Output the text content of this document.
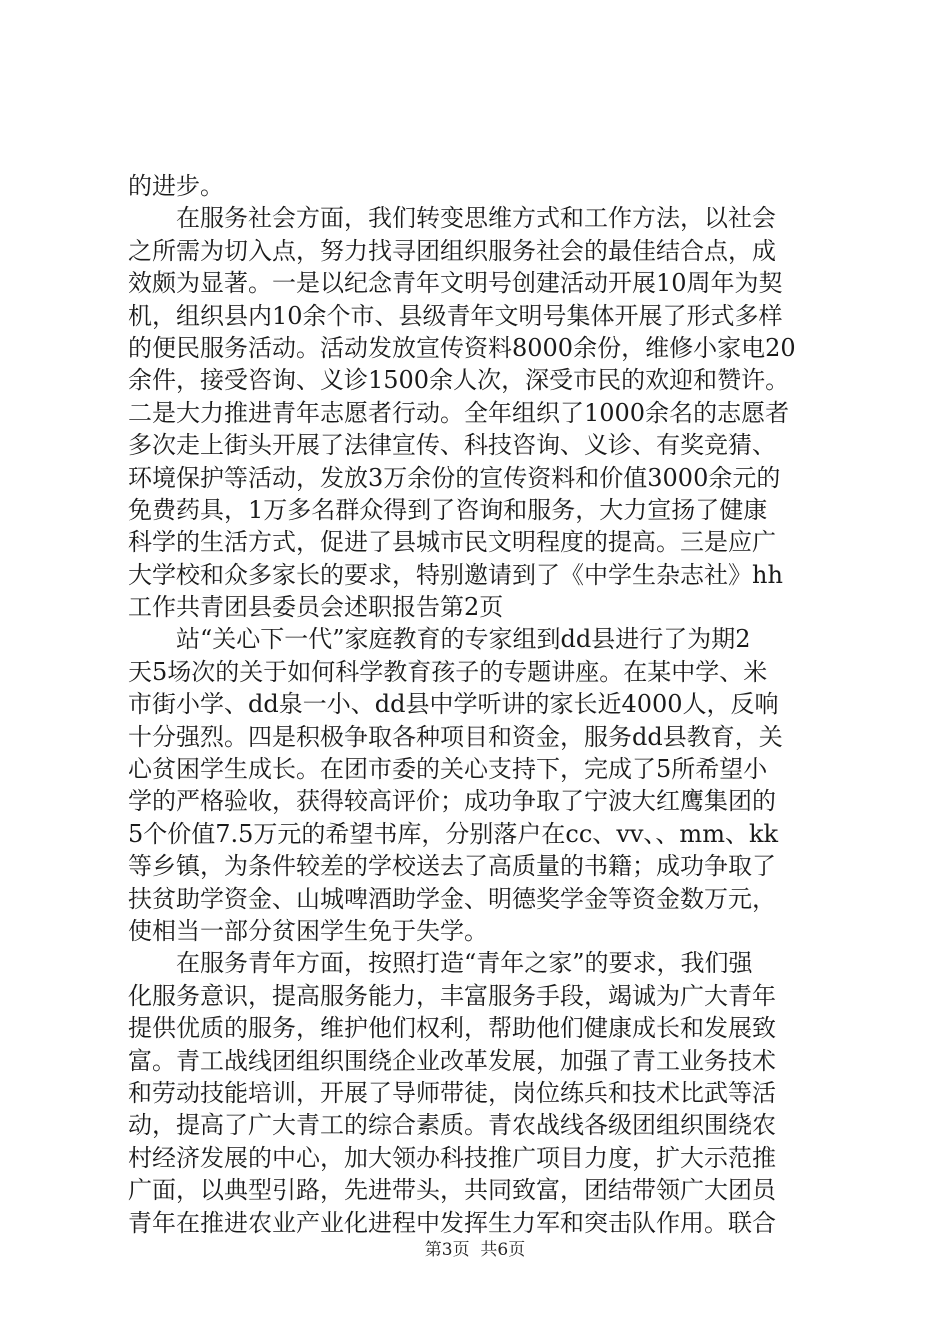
的进步。
　　在服务社会方面，我们转变思维方式和工作方法，以社会
之所需为切入点，努力找寻团组织服务社会的最佳结合点，成
效颇为显著。一是以纪念青年文明号创建活动开展10周年为契
机，组织县内10余个市、县级青年文明号集体开展了形式多样
的便民服务活动。活动发放宣传资料8000余份，维修小家电20
余件，接受咨询、义诊1500余人次，深受市民的欢迎和赞许。
二是大力推进青年志愿者行动。全年组织了1000余名的志愿者
多次走上街头开展了法律宣传、科技咨询、义诊、有奖竞猜、
环境保护等活动，发放3万余份的宣传资料和价值3000余元的
免费药具，1万多名群众得到了咨询和服务，大力宣扬了健康
科学的生活方式，促进了县城市民文明程度的提高。三是应广
大学校和众多家长的要求，特别邀请到了《中学生杂志社》hh
工作共青团县委员会述职报告第2页
　　站“关心下一代”家庭教育的专家组到dd县进行了为期2
天5场次的关于如何科学教育孩子的专题讲座。在某中学、米
市街小学、dd泉一小、dd县中学听讲的家长近4000人，反响
十分强烈。四是积极争取各种项目和资金，服务dd县教育，关
心贫困学生成长。在团市委的关心支持下，完成了5所希望小
学的严格验收，获得较高评价；成功争取了宁波大红鹰集团的
5个价值7.5万元的希望书库，分别落户在cc、vv、、mm、kk
等乡镇，为条件较差的学校送去了高质量的书籍；成功争取了
扶贫助学资金、山城啤酒助学金、明德奖学金等资金数万元，
使相当一部分贫困学生免于失学。
　　在服务青年方面，按照打造“青年之家”的要求，我们强
化服务意识，提高服务能力，丰富服务手段，竭诚为广大青年
提供优质的服务，维护他们权利，帮助他们健康成长和发展致
富。青工战线团组织围绕企业改革发展，加强了青工业务技术
和劳动技能培训，开展了导师带徒，岗位练兵和技术比武等活
动，提高了广大青工的综合素质。青农战线各级团组织围绕农
村经济发展的中心，加大领办科技推广项目力度，扩大示范推
广面，以典型引路，先进带头，共同致富，团结带领广大团员
青年在推进农业产业化进程中发挥生力军和突击队作用。联合
第3页  共6页
